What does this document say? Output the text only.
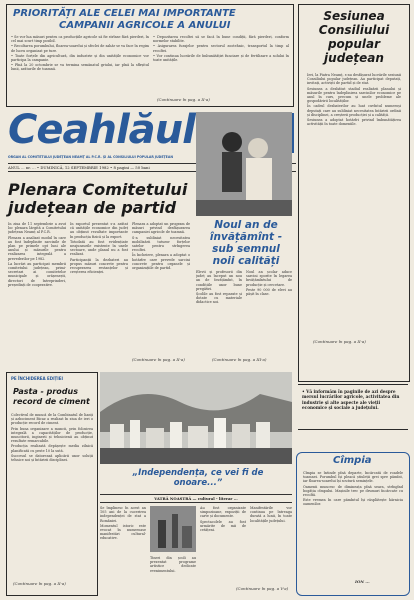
PRIORITĂȚI ALE CELEI MAI IMPORTANTE
CAMPANII AGRICOLE A ANULUI

• Se vor lua măsuri pentru ca producțiile agricole să fie strînse fără pierderi, în cel mai scurt timp posibil.

• Recoltarea porumbului, floarea-soarelui și sfeclei de zahăr se va face în regim de lucru organizat pe ture.

• Toate forțele din agricultură, din industrie și din unitățile economice vor participa la campanie.

• Pînă la 20 octombrie se va termina semănatul griului, iar pînă la sfîrșitul lunii, arăturile de toamnă.

• Depozitarea recoltei să se facă în bune condiții, fără pierderi, conform normelor stabilite.

• Asigurarea furajelor pentru sectorul zootehnic, transportul la timp al recoltei.

• Vor continua lucrările de îmbunătățiri funciare și de fertilizare a solului în toate unitățile.

(Continuare în pag. a II-a)
Sesiunea Consiliului popular județean

Ieri, la Piatra Neamț, s-au desfășurat lucrările sesiunii Consiliului popular județean. Au participat deputați, invitați, activiști de partid și de stat.

Sesiunea a dezbătut stadiul realizării planului și măsurile pentru îndeplinirea sarcinilor economice pe anul în curs, precum și unele probleme ale gospodăririi localităților.

În cadrul dezbaterilor au luat cuvîntul numeroși deputați care au subliniat necesitatea întăririi ordinii și disciplinei, a creșterii producției și a calității.

Sesiunea a adoptat hotărîri privind îmbunătățirea activității în toate domeniile.

(Continuare în pag. a II-a)
Ceahlăul
ORGAN AL COMITETULUI JUDEȚEAN NEAMȚ AL P.C.R. ȘI AL CONSILIULUI POPULAR JUDEȚEAN
ANUL ... nr. ... • DUMINICĂ, 12 SEPTEMBRIE 1982 • 8 pagini — 50 bani
Plenara Comitetului județean de partid

În ziua de 11 septembrie a avut loc plenara lărgită a Comitetului județean Neamț al P.C.R.

Plenara a analizat modul în care au fost îndeplinite sarcinile de plan pe primele opt luni ale anului și măsurile pentru realizarea integrală a prevederilor pe 1982.

La lucrări au participat membrii comitetului județean, primi-secretari ai comitetelor municipale și orășenești, directori de întreprinderi, președinți de cooperative.

În raportul prezentat s-a arătat că unitățile economice din județ au obținut rezultate importante în producția fizică și la export.

Totodată au fost evidențiate neajunsurile existente în unele sectoare, unde planul nu a fost realizat.

Participanții la dezbateri au propus măsuri concrete pentru recuperarea restanțelor și creșterea eficienței.

Plenara a adoptat un program de măsuri privind desfășurarea campaniei agricole de toamnă.

S-a subliniat necesitatea mobilizării tuturor forțelor satelor pentru strîngerea recoltei.

În încheiere, plenara a adoptat o hotărîre care prevede sarcini concrete pentru organele și organizațiile de partid.

(Continuare în pag. a II-a)
Noul an de învățămînt - sub semnul noii calități

Elevii și profesorii din județ au început un nou an de învățămînt, în condițiile unor bune pregătiri.

Școlile au fost reparate și dotate cu materiale didactice noi.

Noul an școlar aduce sarcini sporite în legarea învățămîntului de producție și cercetare.

Peste 90 000 de elevi au pășit în clase.

(Continuare în pag. a III-a)
• Vă informăm în paginile de azi despre mersul lucrărilor agricole, activitatea din industrie și alte aspecte ale vieții economice și sociale a județului.
PE ÎNCHIDEREA EDIȚIEI
Pasta - produs record de ciment

Colectivul de muncă de la Combinatul de lianți și azbociment Bicaz a realizat în ziua de ieri o producție record de ciment.

Prin buna organizare a muncii, prin folosirea integrală a capacităților de producție, muncitorii, inginerii și tehnicienii au obținut rezultate remarcabile.

Producția realizată depășește media zilnică planificată cu peste 10 la sută.

Succesul se datorează aplicării unor soluții tehnice noi și întăririi disciplinei.

(Continuare în pag. a II-a)
„Independența, ce vei fi de onoare...”
VATRĂ NOASTRĂ — cultural - literar ...

Se împlinesc în acest an 105 ani de la cucerirea independenței de stat a României.

Momentul istoric este evocat în numeroase manifestări cultural-educative.

Tineri din școli au prezentat programe artistice dedicate evenimentului.

Au fost organizate simpozioane, expoziții de carte și documente.

Spectacolele au fost urmărite de mii de cetățeni.

Manifestările vor continua pe întreaga durată a lunii, în toate localitățile județului.

(Continuare în pag. a V-a)
Cîmpia

Cîmpia se întinde pînă departe, încărcată de roadele toamnei. Porumbul își pleacă știuleții grei spre pămînt, iar floarea-soarelui își scutură semințele.

Oamenii muncesc de dimineața pînă seara, strîngînd bogăția cîmpului. Mașinile trec pe drumuri încărcate cu recoltă.

Este vremea în care pămîntul își răsplătește hărnicia oamenilor.

ION ...
